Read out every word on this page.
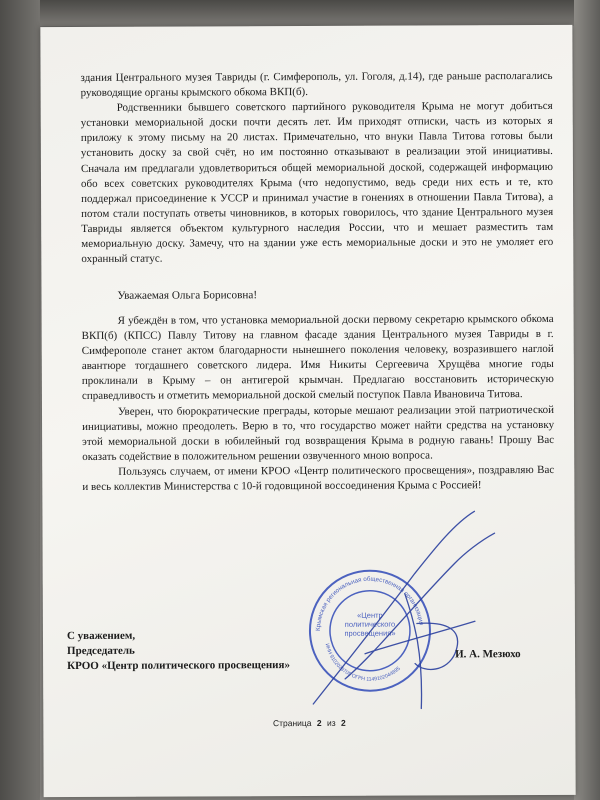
здания Центрального музея Тавриды (г. Симферополь, ул. Гоголя, д.14), где раньше располагались руководящие органы крымского обкома ВКП(б).

Родственники бывшего советского партийного руководителя Крыма не могут добиться установки мемориальной доски почти десять лет. Им приходят отписки, часть из которых я приложу к этому письму на 20 листах. Примечательно, что внуки Павла Титова готовы были установить доску за свой счёт, но им постоянно отказывают в реализации этой инициативы. Сначала им предлагали удовлетвориться общей мемориальной доской, содержащей информацию обо всех советских руководителях Крыма (что недопустимо, ведь среди них есть и те, кто поддержал присоединение к УССР и принимал участие в гонениях в отношении Павла Титова), а потом стали поступать ответы чиновников, в которых говорилось, что здание Центрального музея Тавриды является объектом культурного наследия России, что и мешает разместить там мемориальную доску. Замечу, что на здании уже есть мемориальные доски и это не умоляет его охранный статус.

Уважаемая Ольга Борисовна!

Я убеждён в том, что установка мемориальной доски первому секретарю крымского обкома ВКП(б) (КПСС) Павлу Титову на главном фасаде здания Центрального музея Тавриды в г. Симферополе станет актом благодарности нынешнего поколения человеку, возразившего наглой авантюре тогдашнего советского лидера. Имя Никиты Сергеевича Хрущёва многие годы проклинали в Крыму – он антигерой крымчан. Предлагаю восстановить историческую справедливость и отметить мемориальной доской смелый поступок Павла Ивановича Титова.

Уверен, что бюрократические преграды, которые мешают реализации этой патриотической инициативы, можно преодолеть. Верю в то, что государство может найти средства на установку этой мемориальной доски в юбилейный год возвращения Крыма в родную гавань! Прошу Вас оказать содействие в положительном решении озвученного мною вопроса.

Пользуясь случаем, от имени КРОО «Центр политического просвещения», поздравляю Вас и весь коллектив Министерства с 10-й годовщиной воссоединения Крыма с Россией!

Крымская региональная общественная организация
ИНН 9102028705 ОГРН 1149102044695
«Центр политического просвещения»
С уважением,
Председатель
КРОО «Центр политического просвещения»
И. А. Мезюхо
Страница 2 из 2
